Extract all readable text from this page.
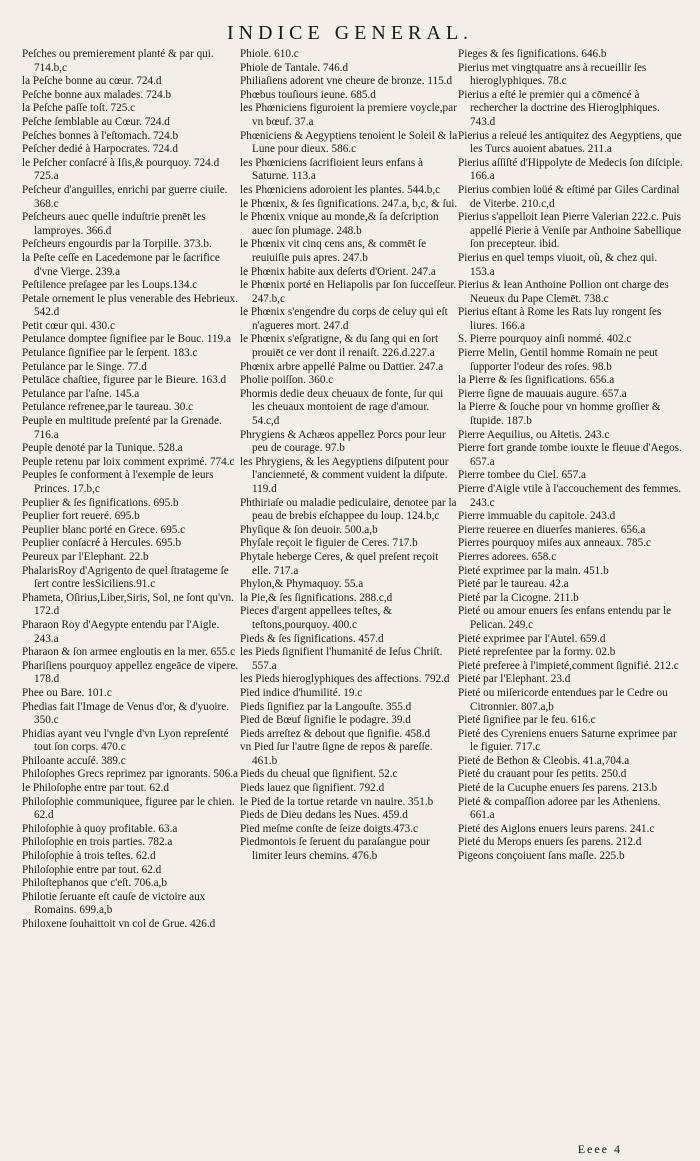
INDICE GENERAL.

Peſches ou premierement planté & par qui. 714.b,c

la Peſche bonne au cœur. 724.d

Peſche bonne aux malades. 724.b

la Peſche paſſe toſt. 725.c

Peſche ſemblable au Cœur. 724.d

Peſches bonnes à l'eſtomach. 724.b

Peſcher dedié à Harpocrates. 724.d

le Peſcher conſacré à Iſis,& pourquoy. 724.d 725.a

Peſcheur d'anguilles, enrichi par guerre ciuile. 368.c

Peſcheurs auec quelle induſtrie prenēt les lamproyes. 366.d

Peſcheurs engourdis par la Torpille. 373.b.

la Peſte ceſſe en Lacedemone par le ſacrifice d'vne Vierge. 239.a

Peſtilence preſagee par les Loups.134.c

Petale ornement le plus venerable des Hebrieux. 542.d

Petit cœur qui. 430.c

Petulance domptee ſignifiee par le Bouc. 119.a

Petulance ſignifiee par le ſerpent. 183.c

Petulance par le Singe. 77.d

Petulāce chaſtiee, figuree par le Bieure. 163.d

Petulance par l'aſne. 145.a

Petulance refrenee,par le taureau. 30.c

Peuple en multitude preſenté par la Grenade. 716.a

Peuple denoté par la Tunique. 528.a

Peuple retenu par loix comment exprimé. 774.c

Peuples ſe conforment à l'exemple de leurs Princes. 17.b,c

Peuplier & ſes ſignifications. 695.b

Peuplier fort reueré. 695.b

Peuplier blanc porté en Grece. 695.c

Peuplier conſacré à Hercules. 695.b

Peureux par l'Elephant. 22.b

PhalarisRoy d'Agrigento de quel ſtratageme ſe ſert contre lesSiciliens.91.c

Phameta, Oſirius,Liber,Siris, Sol, ne ſont qu'vn. 172.d

Pharaon Roy d'Aegypte entendu par l'Aigle. 243.a

Pharaon & ſon armee engloutis en la mer. 655.c

Phariſiens pourquoy appellez engeāce de vipere. 178.d

Phee ou Bare. 101.c

Phedias fait l'Image de Venus d'or, & d'yuoire. 350.c

Phidias ayant veu l'vngle d'vn Lyon repreſenté tout ſon corps. 470.c

Philoante accuſé. 389.c

Philoſophes Grecs reprimez par ignorants. 506.a

le Philoſophe entre par tout. 62.d

Philoſophie communiquee, figuree par le chien. 62.d

Philoſophie à quoy profitable. 63.a

Philoſophie en trois parties. 782.a

Philoſophie à trois teſtes. 62.d

Philoſophie entre par tout. 62.d

Philoſtephanos que c'eſt. 706.a,b

Philotie ſeruante eſt cauſe de victoire aux Romains. 699.a,b

Philoxene ſouhaittoit vn col de Grue. 426.d

Phiole. 610.c

Phiole de Tantale. 746.d

Philiaſiens adorent vne cheure de bronze. 115.d

Phœbus touſiours ieune. 685.d

les Phœniciens figuroient la premiere voycle,par vn bœuf. 37.a

Phœniciens & Aegyptiens tenoient le Soleil & la Lune pour dieux. 586.c

les Phœniciens ſacrifioient leurs enfans à Saturne. 113.a

les Phœniciens adoroient les plantes. 544.b,c

le Phœnix, & ſes ſignifications. 247.a, b,c, & ſui.

le Phœnix vnique au monde,& ſa deſcription auec ſon plumage. 248.b

le Phœnix vit cinq cens ans, & commēt ſe reuiuiſie puis apres. 247.b

le Phœnix habite aux deſerts d'Orient. 247.a

le Phœnix porté en Heliapolis par ſon ſucceſſeur. 247.b,c

le Phœnix s'engendre du corps de celuy qui eſt n'agueres mort. 247.d

le Phœnix s'eſgratigne, & du ſang qui en ſort prouiēt ce ver dont il renaiſt. 226.d.227.a

Phœnix arbre appellé Palme ou Dattier. 247.a

Pholie poiſſon. 360.c

Phormis dedie deux cheuaux de fonte, ſur qui les cheuaux montoient de rage d'amour. 54.c,d

Phrygiens & Achæos appellez Porcs pour leur peu de courage. 97.b

les Phrygiens, & les Aegyptiens diſputent pour l'ancienneté, & comment vuident la diſpute. 119.d

Phthiriaſe ou maladie pediculaire, denotee par la peau de brebis eſchappee du loup. 124.b,c

Phyſique & ſon deuoir. 500.a,b

Phyſale reçoit le figuier de Ceres. 717.b

Phytale heberge Ceres, & quel preſent reçoit elle. 717.a

Phylon,& Phymaquoy. 55.a

la Pie,& ſes ſignifications. 288.c,d

Pieces d'argent appellees teſtes, & teſtons,pourquoy. 400.c

Pieds & ſes ſignifications. 457.d

les Pieds ſignifient l'humanité de Ieſus Chriſt. 557.a

les Pieds hieroglyphiques des affections. 792.d

Pied indice d'humilité. 19.c

Pieds ſignifiez par la Langouſte. 355.d

Pied de Bœuf ſignifie le podagre. 39.d

Pieds arreſtez & debout que ſignifie. 458.d

vn Pied ſur l'autre ſigne de repos & pareſſe. 461.b

Pieds du cheual que ſignifient. 52.c

Pieds lauez que ſignifient. 792.d

le Pied de la tortue retarde vn nauire. 351.b

Pieds de Dieu dedans les Nues. 459.d

Pied meſme conſte de ſeize doigts.473.c

Piedmontois ſe ſeruent du paraſangue pour limiter leurs chemins. 476.b

Pieges & ſes ſignifications. 646.b

Pierius met vingtquatre ans à recueillir ſes hieroglyphiques. 78.c

Pierius a eſté le premier qui a cōmencé à rechercher la doctrine des Hieroglphiques. 743.d

Pierius a releué les antiquitez des Aegyptiens, que les Turcs auoient abatues. 211.a

Pierius aſſiſté d'Hippolyte de Medecis ſon diſciple. 166.a

Pierius combien loüé & eſtimé par Giles Cardinal de Viterbe. 210.c,d

Pierius s'appelloit Iean Pierre Valerian 222.c. Puis appellé Pierie à Veniſe par Anthoine Sabellique ſon precepteur. ibid.

Pierius en quel temps viuoit, où, & chez qui. 153.a

Pierius & Iean Anthoine Pollion ont charge des Neueux du Pape Clemēt. 738.c

Pierius eſtant à Rome les Rats luy rongent ſes liures. 166.a

S. Pierre pourquoy ainſi nommé. 402.c

Pierre Melin, Gentil homme Romain ne peut ſupporter l'odeur des roſes. 98.b

la Pierre & ſes ſignifications. 656.a

Pierre ſigne de mauuais augure. 657.a

la Pierre & ſouche pour vn homme groſſier & ſtupide. 187.b

Pierre Aequilius, ou Aɫtetis. 243.c

Pierre fort grande tombe iouxte le fleuue d'Aegos. 657.a

Pierre tombee du Ciel. 657.a

Pierre d'Aigle vtile à l'accouchement des femmes. 243.c

Pierre immuable du capitole. 243.d

Pierre reueree en diuerſes manieres. 656.a

Pierres pourquoy miſes aux anneaux. 785.c

Pierres adorees. 658.c

Pieté exprimee par la main. 451.b

Pieté par le taureau. 42.a

Pieté par la Cicogne. 211.b

Pieté ou amour enuers ſes enfans entendu par le Pelican. 249.c

Pieté exprimee par l'Autel. 659.d

Pieté repreſentee par la formy. 02.b

Pieté preferee à l'impieté,comment ſignifié. 212.c

Pieté par l'Elephant. 23.d

Pieté ou miſericorde entendues par le Cedre ou Citronnier. 807.a,b

Pieté ſignifiee par le feu. 616.c

Pieté des Cyreniens enuers Saturne exprimee par le figuier. 717.c

Pieté de Bethon & Cleobis. 41.a,704.a

Pieté du crauant pour ſes petits. 250.d

Pieté de la Cucuphe enuers ſes parens. 213.b

Pieté & compaſſion adoree par les Atheniens. 661.a

Pieté des Aiglons enuers leurs parens. 241.c

Pieté du Merops enuers ſes parens. 212.d

Pigeons conçoiuent ſans maſle. 225.b

Eeee 4
